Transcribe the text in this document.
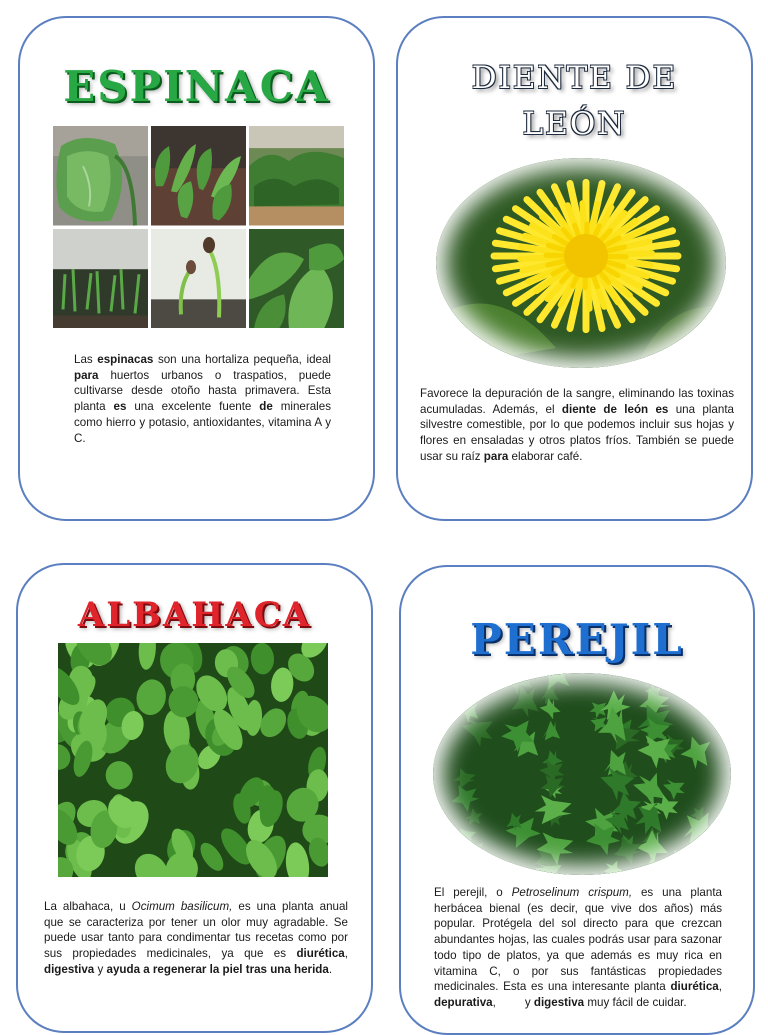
ESPINACA

Las espinacas son una hortaliza pequeña, ideal para huertos urbanos o traspatios, puede cultivarse desde otoño hasta primavera. Esta planta es una excelente fuente de minerales como hierro y potasio, antioxidantes, vitamina A y C.

DIENTE DE LEÓN

Favorece la depuración de la sangre, eliminando las toxinas acumuladas. Además, el diente de león es una planta silvestre comestible, por lo que podemos incluir sus hojas y flores en ensaladas y otros platos fríos. También se puede usar su raíz para elaborar café.

ALBAHACA

La albahaca, u Ocimum basilicum, es una planta anual que se caracteriza por tener un olor muy agradable. Se puede usar tanto para condimentar tus recetas como por sus propiedades medicinales, ya que es diurética, digestiva y ayuda a regenerar la piel tras una herida.

PEREJIL

El perejil, o Petroselinum crispum, es una planta herbácea bienal (es decir, que vive dos años) más popular. Protégela del sol directo para que crezcan abundantes hojas, las cuales podrás usar para sazonar todo tipo de platos, ya que además es muy rica en vitamina C, o por sus fantásticas propiedades medicinales. Esta es una interesante planta diurética, depurativa,         y digestiva muy fácil de cuidar.
